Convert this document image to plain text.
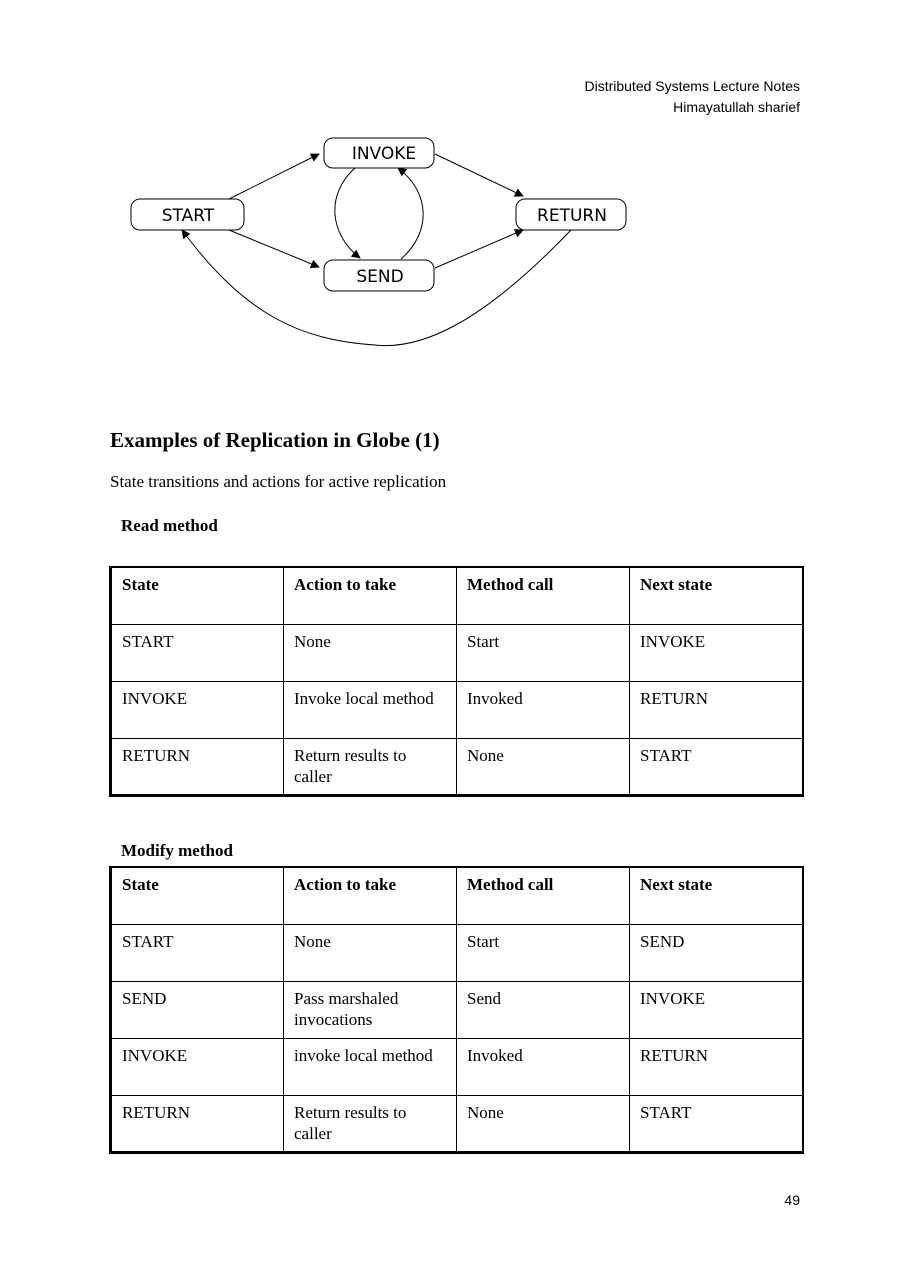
Distributed Systems Lecture Notes
Himayatullah sharief
INVOKE
START	RETURN
SEND
Examples of Replication in Globe (1)
State transitions and actions for active replication
Read method
State	Action to take	Method call	Next state
START	None	Start	INVOKE
INVOKE	Invoke local method	Invoked	RETURN
RETURN	Return results to caller	None	START
Modify method
State	Action to take	Method call	Next state
START	None	Start	SEND
SEND	Pass marshaled invocations	Send	INVOKE
INVOKE	invoke local method	Invoked	RETURN
RETURN	Return results to caller	None	START
49
